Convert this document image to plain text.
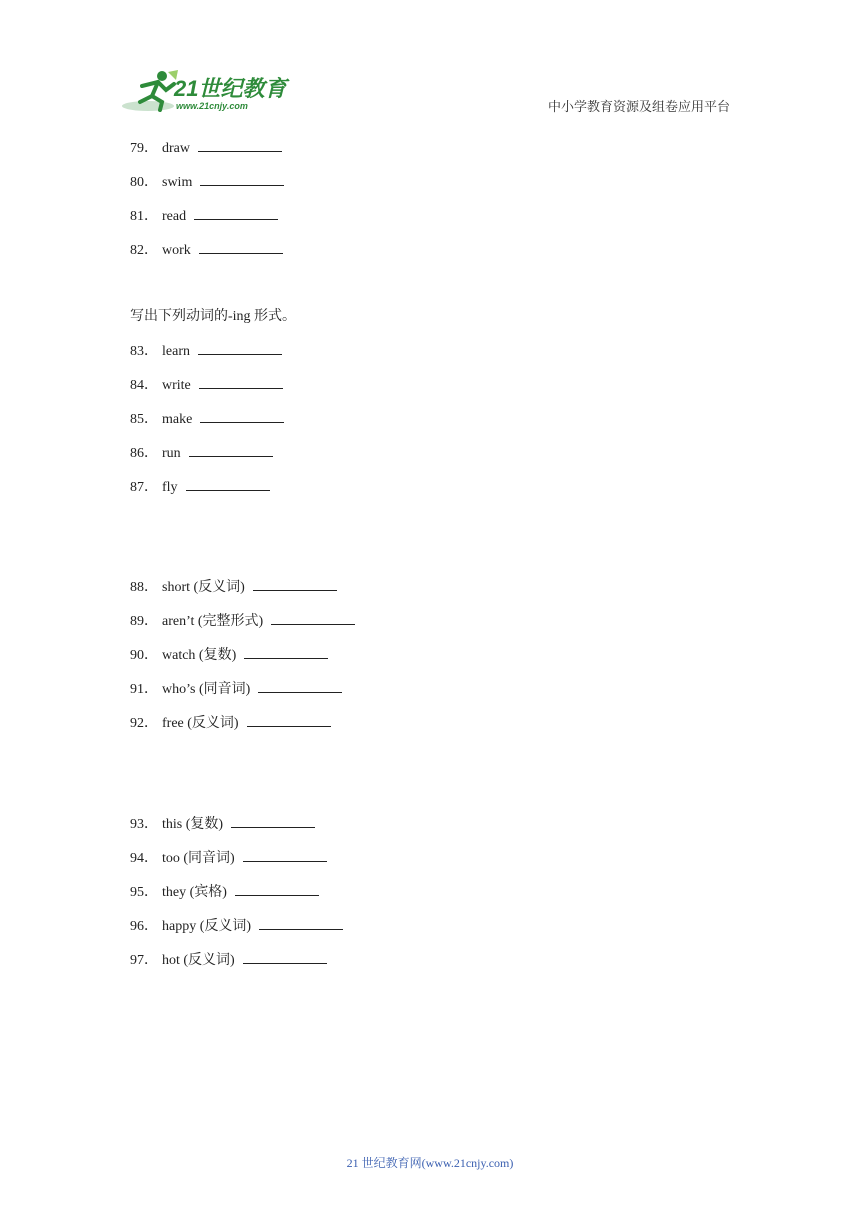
21世纪教育
www.21cnjy.com	中小学教育资源及组卷应用平台
79． draw
80． swim
81． read
82． work
写出下列动词的-ing 形式。
83． learn
84． write
85． make
86． run
87． fly
88． short (反义词)
89． aren’t (完整形式)
90． watch (复数)
91． who’s (同音词)
92． free (反义词)
93． this (复数)
94． too (同音词)
95． they (宾格)
96． happy (反义词)
97． hot (反义词)
21 世纪教育网(www.21cnjy.com)
